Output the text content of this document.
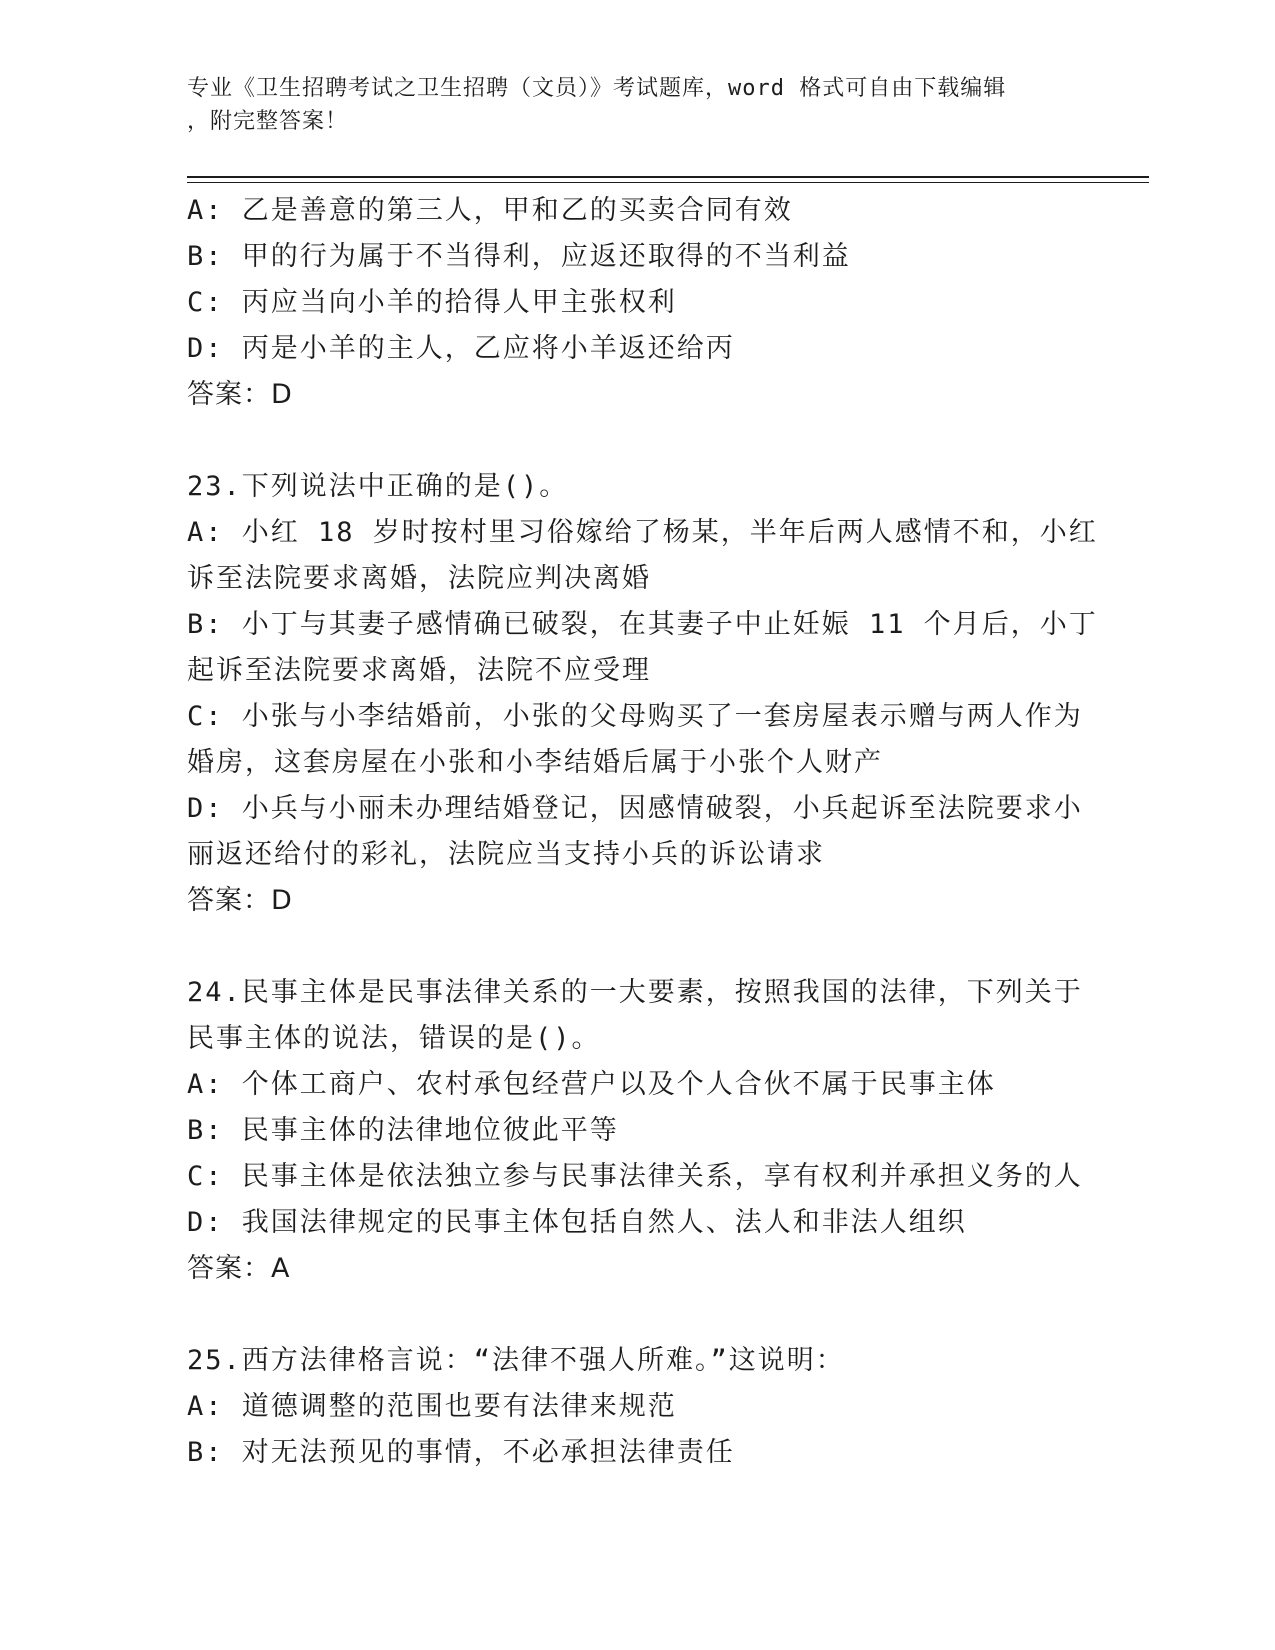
专业《卫生招聘考试之卫生招聘（文员）》考试题库，word 格式可自由下载编辑
，附完整答案！
A: 乙是善意的第三人，甲和乙的买卖合同有效
B: 甲的行为属于不当得利，应返还取得的不当利益
C: 丙应当向小羊的拾得人甲主张权利
D: 丙是小羊的主人，乙应将小羊返还给丙
答案：D
23.下列说法中正确的是()。
A: 小红 18 岁时按村里习俗嫁给了杨某，半年后两人感情不和，小红
诉至法院要求离婚，法院应判决离婚
B: 小丁与其妻子感情确已破裂，在其妻子中止妊娠 11 个月后，小丁
起诉至法院要求离婚，法院不应受理
C: 小张与小李结婚前，小张的父母购买了一套房屋表示赠与两人作为
婚房，这套房屋在小张和小李结婚后属于小张个人财产
D: 小兵与小丽未办理结婚登记，因感情破裂，小兵起诉至法院要求小
丽返还给付的彩礼，法院应当支持小兵的诉讼请求
答案：D
24.民事主体是民事法律关系的一大要素，按照我国的法律，下列关于
民事主体的说法，错误的是()。
A: 个体工商户、农村承包经营户以及个人合伙不属于民事主体
B: 民事主体的法律地位彼此平等
C: 民事主体是依法独立参与民事法律关系，享有权利并承担义务的人
D: 我国法律规定的民事主体包括自然人、法人和非法人组织
答案：A
25.西方法律格言说：“法律不强人所难。”这说明：
A: 道德调整的范围也要有法律来规范
B: 对无法预见的事情，不必承担法律责任
